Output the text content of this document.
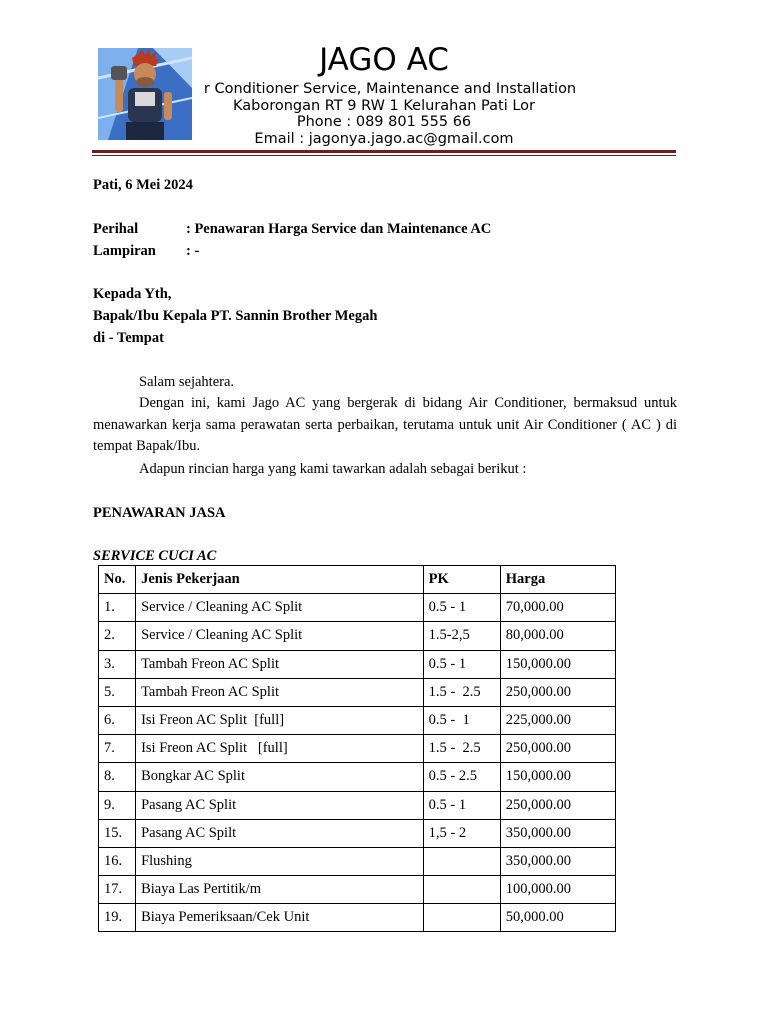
JAGO AC
r Conditioner Service, Maintenance and Installation
Kaborongan RT 9 RW 1 Kelurahan Pati Lor
Phone : 089 801 555 66
Email : jagonya.jago.ac@gmail.com
Pati, 6 Mei 2024
Perihal	: Penawaran Harga Service dan Maintenance AC
Lampiran : -
Kepada Yth,
Bapak/Ibu Kepala PT. Sannin Brother Megah
di - Tempat
Salam sejahtera.
Dengan ini, kami Jago AC yang bergerak di bidang Air Conditioner, bermaksud untuk menawarkan kerja sama perawatan serta perbaikan, terutama untuk unit Air Conditioner ( AC ) di tempat Bapak/Ibu.
Adapun rincian harga yang kami tawarkan adalah sebagai berikut :
PENAWARAN JASA
SERVICE CUCI AC
No.	Jenis Pekerjaan	PK	Harga
1.	Service / Cleaning AC Split	0.5 - 1	70,000.00
2.	Service / Cleaning AC Split	1.5-2,5	80,000.00
3.	Tambah Freon AC Split	0.5 - 1	150,000.00
5.	Tambah Freon AC Split	1.5 -  2.5	250,000.00
6.	Isi Freon AC Split  [full]	0.5 -  1	225,000.00
7.	Isi Freon AC Split   [full]	1.5 -  2.5	250,000.00
8.	Bongkar AC Split	0.5 - 2.5	150,000.00
9.	Pasang AC Split	0.5 - 1	250,000.00
15.	Pasang AC Spilt	1,5 - 2	350,000.00
16.	Flushing		350,000.00
17.	Biaya Las Pertitik/m		100,000.00
19.	Biaya Pemeriksaan/Cek Unit		50,000.00
